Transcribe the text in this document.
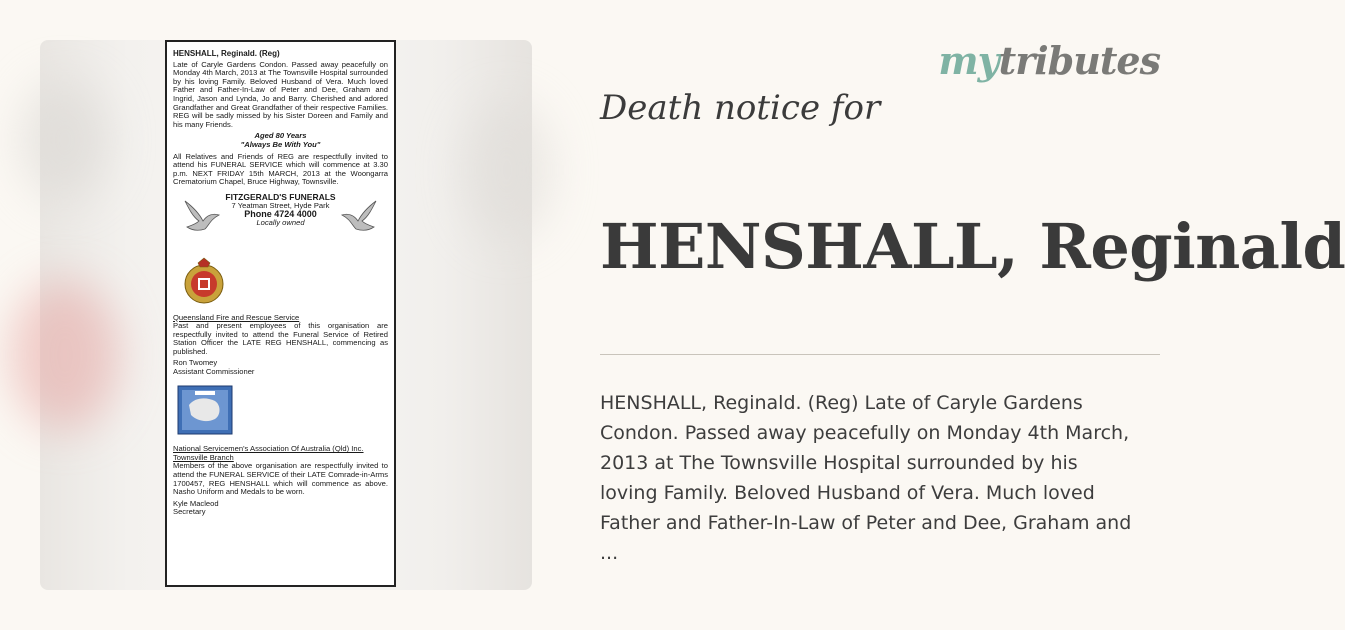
HENSHALL, Reginald. (Reg)
Late of Caryle Gardens Condon. Passed away peacefully on Monday 4th March, 2013 at The Townsville Hospital surrounded by his loving Family. Beloved Husband of Vera. Much loved Father and Father-In-Law of Peter and Dee, Graham and Ingrid, Jason and Lynda, Jo and Barry. Cherished and adored Grandfather and Great Grandfather of their respective Families. REG will be sadly missed by his Sister Doreen and Family and his many Friends.
Aged 80 Years
"Always Be With You"
All Relatives and Friends of REG are respectfully invited to attend his FUNERAL SERVICE which will commence at 3.30 p.m. NEXT FRIDAY 15th MARCH, 2013 at the Woongarra Crematorium Chapel, Bruce Highway, Townsville.
FITZGERALD'S FUNERALS
7 Yeatman Street, Hyde Park
Phone 4724 4000
Locally owned
Queensland Fire and Rescue Service
Past and present employees of this organisation are respectfully invited to attend the Funeral Service of Retired Station Officer the LATE REG HENSHALL, commencing as published.
Ron Twomey
Assistant Commissioner
National Servicemen's Association Of Australia (Qld) Inc. Townsville Branch
Members of the above organisation are respectfully invited to attend the FUNERAL SERVICE of their LATE Comrade-in-Arms 1700457, REG HENSHALL which will commence as above. Nasho Uniform and Medals to be worn.
Kyle Macleod
Secretary
mytributes
Death notice for
HENSHALL, Reginald
HENSHALL, Reginald. (Reg) Late of Caryle Gardens
Condon. Passed away peacefully on Monday 4th March,
2013 at The Townsville Hospital surrounded by his
loving Family. Beloved Husband of Vera. Much loved
Father and Father-In-Law of Peter and Dee, Graham and
...
